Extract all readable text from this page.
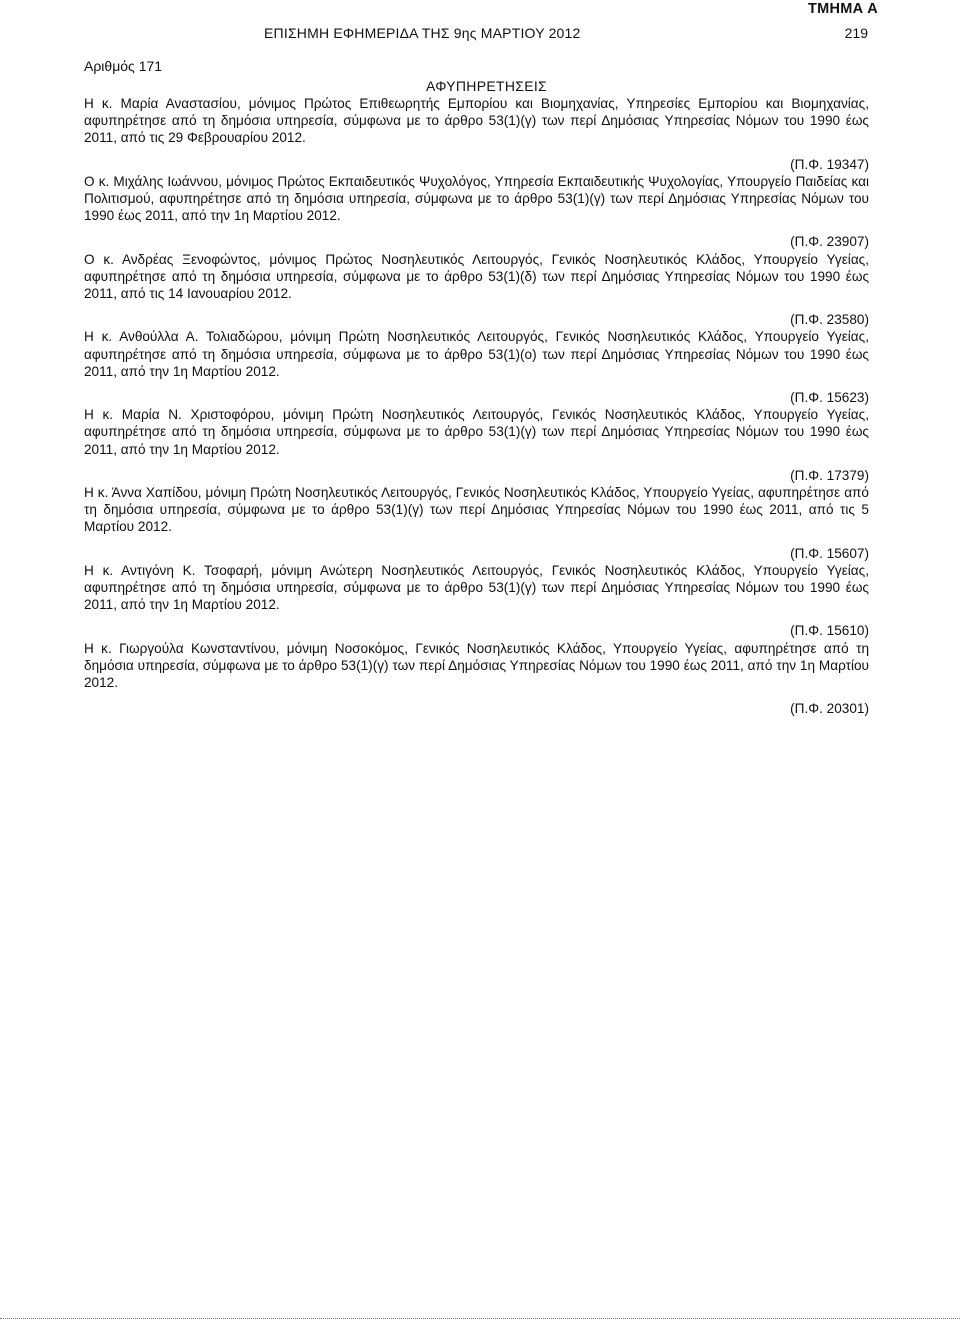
ΤΜΗΜΑ Α
ΕΠΙΣΗΜΗ ΕΦΗΜΕΡΙΔΑ ΤΗΣ 9ης ΜΑΡΤΙΟΥ 2012	219
Αριθμός 171
ΑΦΥΠΗΡΕΤΗΣΕΙΣ

Η κ. Μαρία Αναστασίου, μόνιμος Πρώτος Επιθεωρητής Εμπορίου και Βιομηχανίας, Υπηρεσίες Εμπορίου και Βιομηχανίας, αφυπηρέτησε από τη δημόσια υπηρεσία, σύμφωνα με το άρθρο 53(1)(γ) των περί Δημόσιας Υπηρεσίας Νόμων του 1990 έως 2011, από τις 29 Φεβρουαρίου 2012.

(Π.Φ. 19347)

Ο κ. Μιχάλης Ιωάννου, μόνιμος Πρώτος Εκπαιδευτικός Ψυχολόγος, Υπηρεσία Εκπαιδευτικής Ψυχολογίας, Υπουργείο Παιδείας και Πολιτισμού, αφυπηρέτησε από τη δημόσια υπηρεσία, σύμφωνα με το άρθρο 53(1)(γ) των περί Δημόσιας Υπηρεσίας Νόμων του 1990 έως 2011, από την 1η Μαρτίου 2012.

(Π.Φ. 23907)

Ο κ. Ανδρέας Ξενοφώντος, μόνιμος Πρώτος Νοσηλευτικός Λειτουργός, Γενικός Νοσηλευτικός Κλάδος, Υπουργείο Υγείας, αφυπηρέτησε από τη δημόσια υπηρεσία, σύμφωνα με το άρθρο 53(1)(δ) των περί Δημόσιας Υπηρεσίας Νόμων του 1990 έως 2011, από τις 14 Ιανουαρίου 2012.

(Π.Φ. 23580)

Η κ. Ανθούλλα Α. Τολιαδώρου, μόνιμη Πρώτη Νοσηλευτικός Λειτουργός, Γενικός Νοσηλευτικός Κλάδος, Υπουργείο Υγείας, αφυπηρέτησε από τη δημόσια υπηρεσία, σύμφωνα με το άρθρο 53(1)(ο) των περί Δημόσιας Υπηρεσίας Νόμων του 1990 έως 2011, από την 1η Μαρτίου 2012.

(Π.Φ. 15623)

Η κ. Μαρία Ν. Χριστοφόρου, μόνιμη Πρώτη Νοσηλευτικός Λειτουργός, Γενικός Νοσηλευτικός Κλάδος, Υπουργείο Υγείας, αφυπηρέτησε από τη δημόσια υπηρεσία, σύμφωνα με το άρθρο 53(1)(γ) των περί Δημόσιας Υπηρεσίας Νόμων του 1990 έως 2011, από την 1η Μαρτίου 2012.

(Π.Φ. 17379)

Η κ. Άννα Χαπίδου, μόνιμη Πρώτη Νοσηλευτικός Λειτουργός, Γενικός Νοσηλευτικός Κλάδος, Υπουργείο Υγείας, αφυπηρέτησε από τη δημόσια υπηρεσία, σύμφωνα με το άρθρο 53(1)(γ) των περί Δημόσιας Υπηρεσίας Νόμων του 1990 έως 2011, από τις 5 Μαρτίου 2012.

(Π.Φ. 15607)

Η κ. Αντιγόνη Κ. Τσοφαρή, μόνιμη Ανώτερη Νοσηλευτικός Λειτουργός, Γενικός Νοσηλευτικός Κλάδος, Υπουργείο Υγείας, αφυπηρέτησε από τη δημόσια υπηρεσία, σύμφωνα με το άρθρο 53(1)(γ) των περί Δημόσιας Υπηρεσίας Νόμων του 1990 έως 2011, από την 1η Μαρτίου 2012.

(Π.Φ. 15610)

Η κ. Γιωργούλα Κωνσταντίνου, μόνιμη Νοσοκόμος, Γενικός Νοσηλευτικός Κλάδος, Υπουργείο Υγείας, αφυπηρέτησε από τη δημόσια υπηρεσία, σύμφωνα με το άρθρο 53(1)(γ) των περί Δημόσιας Υπηρεσίας Νόμων του 1990 έως 2011, από την 1η Μαρτίου 2012.

(Π.Φ. 20301)
